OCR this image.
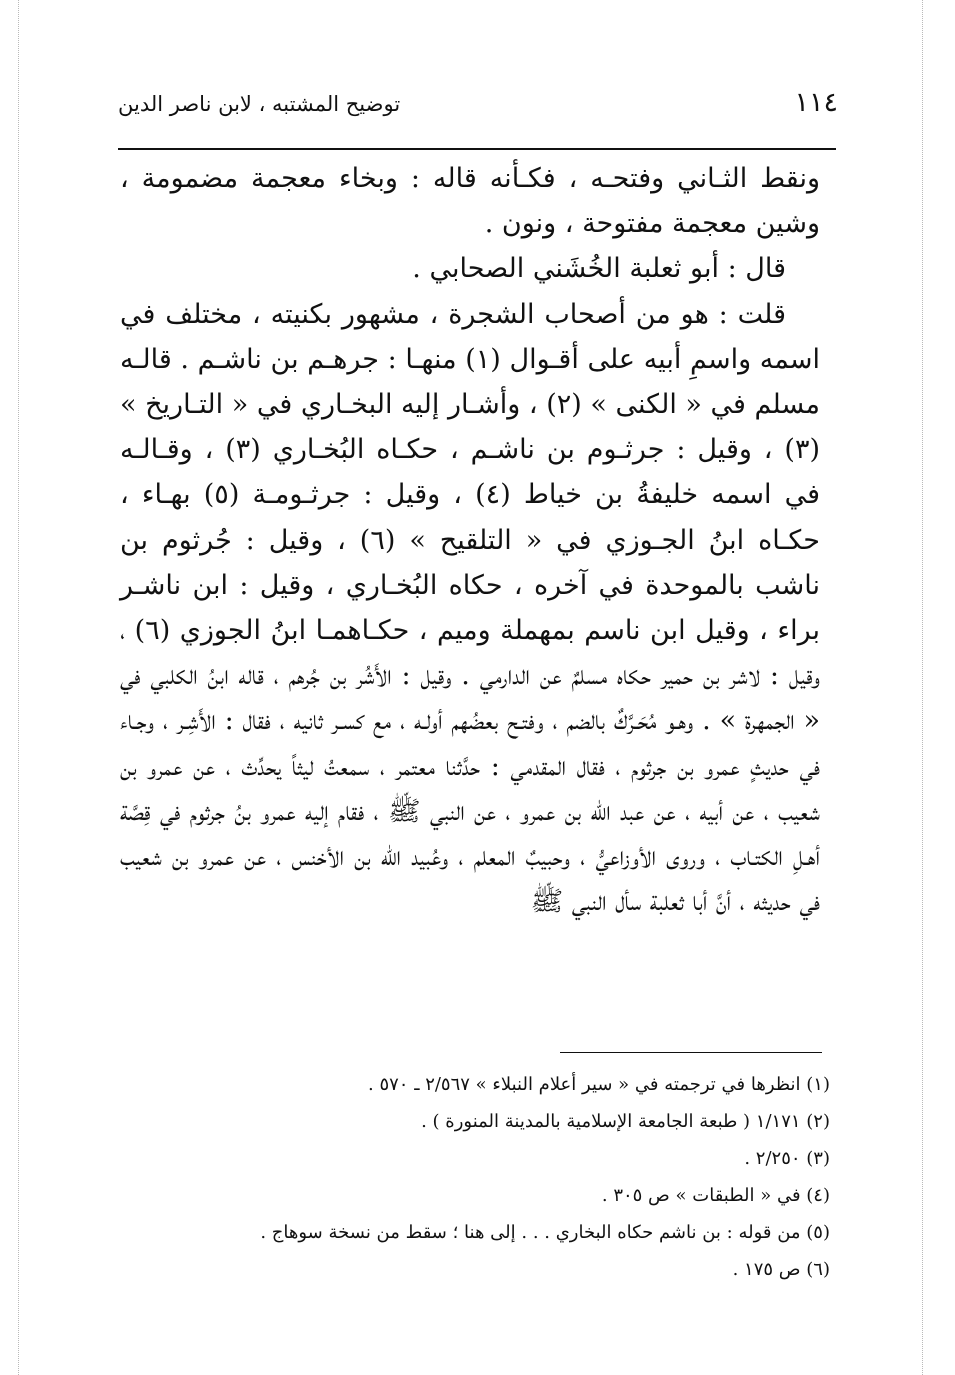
١١٤
توضيح المشتبه ، لابن ناصر الدين

ونقط الثـاني وفتحـه ، فكـأنه قاله : وبخاء معجمة مضمومة ، وشين معجمة مفتوحة ، ونون .

قال : أبو ثعلبة الخُشَني الصحابي .

قلت : هو من أصحاب الشجرة ، مشهور بكنيته ، مختلف في اسمه واسمِ أبيه على أقـوال (١) منهـا : جرهـم بن ناشـم . قالـه مسلم في « الكنى » (٢) ، وأشـار إليه البخـاري في « التـاريخ » (٣) ، وقيل : جرثـوم بن ناشـم ، حكـاه البُخـاري (٣) ، وقـالـه في اسمه خليفةُ بن خياط (٤) ، وقيل : جرثـومـة (٥) بهـاء ، حكـاه ابنُ الجـوزي في « التلقيح » (٦) ، وقيل : جُرثوم بن ناشب بالموحدة في آخره ، حكاه البُخـاري ، وقيل : ابن ناشـر براء ، وقيل ابن ناسم بمهملة وميم ، حكـاهمـا ابنُ الجوزي (٦) ، وقيل : لاشر بن حمير حكاه مسلمٌ عن الدارمي . وقيل : الأَشُر بن جُرهم ، قاله ابنُ الكلبي في « الجمهرة » . وهـو مُحَـرَّكٌ بالضم ، وفتـح بعضُهم أولـه ، مع كسـر ثانيه ، فقال : الأَشِـر ، وجـاء في حديثٍ عمرو بن جرثوم ، فقال المقدمي : حدَّثنا معتمر ، سمعتُ ليثاً يحدِّث ، عن عمرو بن شعيب ، عن أبيه ، عن عبد الله بن عمرو ، عن النبي ﷺ ، فقام إليه عمرو بنُ جرثوم في قِصَّة أهـلِ الكتـاب ، وروى الأوزاعيُّ ، وحبيبٌ المعلم ، وعُبيد الله بن الأخنس ، عن عمرو بن شعيب في حديثه ، أنَّ أبا ثعلبة سأل النبي ﷺ

(١) انظرها في ترجمته في « سير أعلام النبلاء » ٢/٥٦٧ ـ ٥٧٠ .
(٢) ١/١٧١ ( طبعة الجامعة الإسلامية بالمدينة المنورة ) .
(٣) ٢/٢٥٠ .
(٤) في « الطبقات » ص ٣٠٥ .
(٥) من قوله : بن ناشم حكاه البخاري . . . إلى هنا ؛ سقط من نسخة سوهاج .
(٦) ص ١٧٥ .
